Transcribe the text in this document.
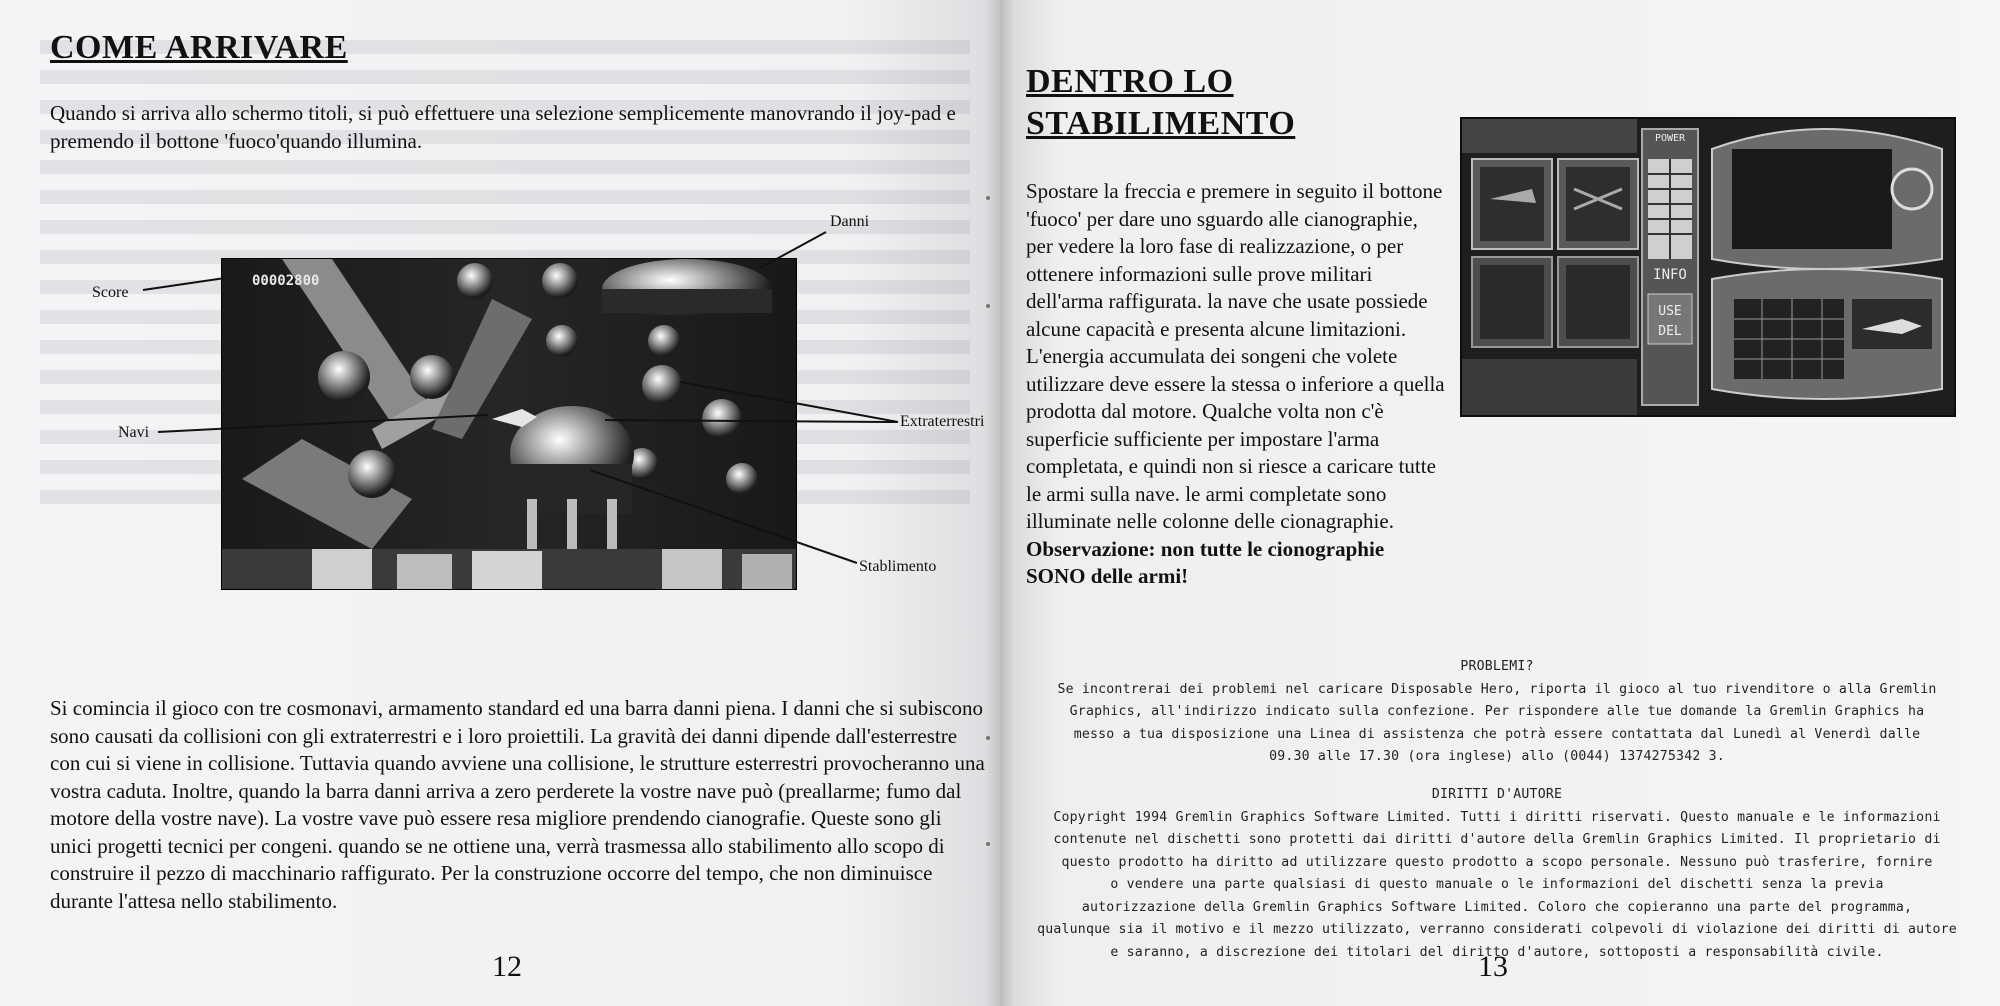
COME ARRIVARE

Quando si arriva allo schermo titoli, si può effettuere una selezione semplicemente manovrando il joy-pad e premendo il bottone 'fuoco'quando illumina.

00002800
Danni
Score
Navi
Extraterrestri
Stablimento

Si comincia il gioco con tre cosmonavi, armamento standard ed una barra danni piena. I danni che si subiscono sono causati da collisioni con gli extraterrestri e i loro proiettili. La gravità dei danni dipende dall'esterrestre con cui si viene in collisione. Tuttavia quando avviene una collisione, le strutture esterrestri provocheranno una vostra caduta. Inoltre, quando la barra danni arriva a zero perderete la vostre nave può (preallarme; fumo dal motore della vostre nave). La vostre vave può essere resa migliore prendendo cianografie. Queste sono gli unici progetti tecnici per congeni. quando se ne ottiene una, verrà trasmessa allo stabilimento allo scopo di construire il pezzo di macchinario raffigurato. Per la construzione occorre del tempo, che non diminuisce durante l'attesa nello stabilimento.

12
DENTRO LO
STABILIMENTO	POWER
INFO
USE
DEL

Spostare la freccia e premere in seguito il bottone 'fuoco' per dare uno sguardo alle cianographie, per vedere la loro fase di realizzazione, o per ottenere informazioni sulle prove militari dell'arma raffigurata. la nave che usate possiede alcune capacità e presenta alcune limitazioni. L'energia accumulata dei songeni che volete utilizzare deve essere la stessa o inferiore a quella prodotta dal motore. Qualche volta non c'è superficie sufficiente per impostare l'arma completata, e quindi non si riesce a caricare tutte le armi sulla nave. le armi completate sono illuminate nelle colonne delle cionagraphie.
Observazione: non tutte le cionographie SONO delle armi!

PROBLEMI?
Se incontrerai dei problemi nel caricare Disposable Hero, riporta il gioco al tuo rivenditore o alla Gremlin
Graphics, all'indirizzo indicato sulla confezione. Per rispondere alle tue domande la Gremlin Graphics ha
messo a tua disposizione una Linea di assistenza che potrà essere contattata dal Lunedì al Venerdì dalle
09.30 alle 17.30 (ora inglese) allo (0044) 1374275342 3.
DIRITTI D'AUTORE
Copyright 1994 Gremlin Graphics Software Limited. Tutti i diritti riservati. Questo manuale e le informazioni
contenute nel dischetti sono protetti dai diritti d'autore della Gremlin Graphics Limited. Il proprietario di
questo prodotto ha diritto ad utilizzare questo prodotto a scopo personale. Nessuno può trasferire, fornire
o vendere una parte qualsiasi di questo manuale o le informazioni del dischetti senza la previa
autorizzazione della Gremlin Graphics Software Limited. Coloro che copieranno una parte del programma,
qualunque sia il motivo e il mezzo utilizzato, verranno considerati colpevoli di violazione dei diritti di autore
e saranno, a discrezione dei titolari del diritto d'autore, sottoposti a responsabilità civile.
13
